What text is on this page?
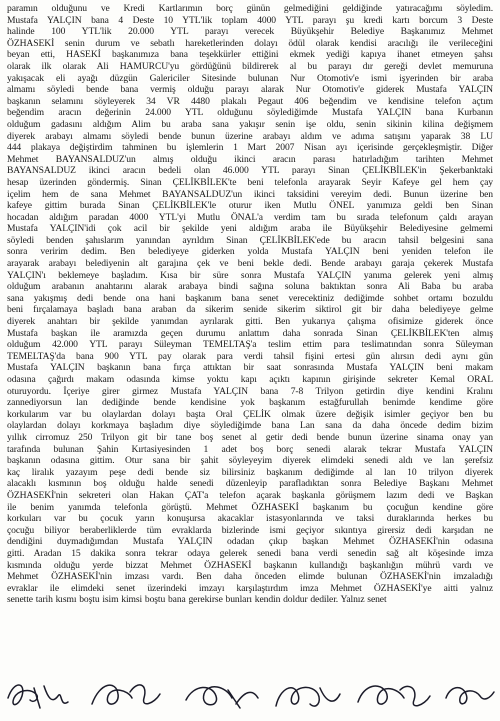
paramın olduğunu ve Kredi Kartlarımın borç günün gelmediğini geldiğinde yatıracağımı söyledim.
Mustafa YALÇIN bana 4 Deste 10 YTL'lik toplam 4000 YTL parayı şu kredi kartı borcum 3 Deste
halinde 100 YTL'lik 20.000 YTL parayı verecek Büyükşehir Belediye Başkanımız Mehmet
ÖZHASEKİ senin durum ve sebatlı hareketlerinden dolayı ödül olarak kendisi aracılığı ile verileceğini
beyan etti, HASEKİ başkanımıza bana teşekkürler ettiğini ekmek yediği kapıya ihanet etmeyen şahsı
olarak ilk olarak Ali HAMURCU'yu gördüğünü bildirerek al bu parayı dır gereği devlet memuruna
yakışacak eli ayağı düzgün Galericiler Sitesinde bulunan Nur Otomotiv'e ismi işyerinden bir araba
almamı söyledi bende bana vermiş olduğu parayı alarak Nur Otomotiv'e giderek Mustafa YALÇIN
başkanın selamını söyleyerek 34 VR 4480 plakalı Pegaut 406 beğendim ve kendisine telefon açtım
beğendim aracın değerinin 24.000 YTL olduğunu söylediğimde Mustafa YALÇIN bana Kurbanın
olduğum gadasını aldığım Alim bu araba sana yakışır senin işe oldu, senin sikinin kilina değişmem
diyerek arabayı almamı söyledi bende bunun üzerine arabayı aldım ve adıma satışını yaparak 38 LU
444 plakaya değiştirdim tahminen bu işlemlerin 1 Mart 2007 Nisan ayı içerisinde gerçekleşmiştir. Diğer
Mehmet BAYANSALDUZ'un almış olduğu ikinci aracın parası hatırladığım tarihten Mehmet
BAYANSALDUZ ikinci aracın bedeli olan 46.000 YTL parayı Sinan ÇELİKBİLEK'in Şekerbanktaki
hesap üzerinden göndermiş. Sinan ÇELİKBİLEK'te beni telefonla arayarak Seyir Kafeye gel hem çay
içelim hem de sana Mehmet BAYANSALDUZ'un ikinci taksidini vereyim dedi. Bunun üzerine ben
kafeye gittim burada Sinan ÇELİKBİLEK'le oturur iken Mutlu ÖNEL yanımıza geldi ben Sinan
hocadan aldığım paradan 4000 YTL'yi Mutlu ÖNAL'a verdim tam bu sırada telefonum çaldı arayan
Mustafa YALÇIN'idi çok acil bir şekilde yeni aldığım araba ile Büyükşehir Belediyesine gelmemi
söyledi benden şahıslarım yanından ayrıldım Sinan ÇELİKBİLEK'ede bu aracın tahsil belgesini sana
sonra veririm dedim. Ben belediyeye giderken yolda Mustafa YALÇIN beni yeniden telefon ile
arayarak arabayı belediyenin alt garajına çek ve beni bekle dedi. Bende arabayı garaja çekerek Mustafa
YALÇIN'ı beklemeye başladım. Kısa bir süre sonra Mustafa YALÇIN yanıma gelerek yeni almış
olduğum arabanın anahtarını alarak arabaya bindi sağına soluna baktıktan sonra Ali Baba bu araba
sana yakışmış dedi bende ona hani başkanım bana senet verecektiniz dediğimde sohbet ortamı bozuldu
beni fırçalamaya başladı bana araban da sikerim senide sikerim siktirol git bir daha belediyeye gelme
diyerek anahtarı bir şekilde yanımdan ayrılarak gitti. Ben yukarıya çalışma ofisimize giderek önce
Mustafa başkan ile aramızda geçen durumu anlattım daha sonrada Sinan ÇELİKBİLEK'ten almış
olduğum 42.000 YTL parayı Süleyman TEMELTAŞ'a teslim ettim para teslimatından sonra Süleyman
TEMELTAŞ'da bana 900 YTL pay olarak para verdi tahsil fişini ertesi gün alırsın dedi aynı gün
Mustafa YALÇIN başkanın bana fırça attıktan bir saat sonrasında Mustafa YALÇIN beni makam
odasına çağırdı makam odasında kimse yoktu kapı açıktı kapının girişinde sekreter Kemal ORAL
oturuyordu. İçeriye girer girmez Mustafa YALÇIN bana 7-8 Trilyon getirdin diye kendini Kralını
zannediyorsun lan dediğinde bende kendisine yok başkanım estağfurullah benimde kendime göre
korkularım var bu olaylardan dolayı başta Oral ÇELİK olmak üzere değişik isimler geçiyor ben bu
olaylardan dolayı korkmaya başladım diye söylediğimde bana Lan sana da daha öncede dedim bizim
yıllık cirromuz 250 Trilyon git bir tane boş senet al getir dedi bende bunun üzerine sinama onay yan
tarafında bulunan Şahin Kırtasiyesinden 1 adet boş borç senedi alarak tekrar Mustafa YALÇIN
başkanın odasına gittim. Otur sana bir şahit söyleyeyim diyerek elimdeki senedi aldı ve lan şerefsiz
kaç liralık yazayım peşe dedi bende siz bilirsiniz başkanım dediğimde al lan 10 trilyon diyerek
alacaklı kısmının boş olduğu halde senedi düzenleyip parafladıktan sonra Belediye Başkanı Mehmet
ÖZHASEKİ'nin sekreteri olan Hakan ÇAT'a telefon açarak başkanla görüşmem lazım dedi ve Başkan
ile benim yanımda telefonla görüştü. Mehmet ÖZHASEKİ başkanım bu çocuğun kendine göre
korkuları var bu çocuk yarın konuşursa akacaklar istasyonlarında ve taksi duraklarında herkes bu
çocuğu biliyor beraberliklerde tüm evraklarda bizlerinde ismi geçiyor sıkıntıya girersiz dedi karşıdan ne
dendiğini duymadığımdan Mustafa YALÇIN odadan çıkıp başkan Mehmet ÖZHASEKİ'nin odasına
gitti. Aradan 15 dakika sonra tekrar odaya gelerek senedi bana verdi senedin sağ alt köşesinde imza
kısmında olduğu yerde bizzat Mehmet ÖZHASEKİ başkanın kullandığı başkanlığın mührü vardı ve
Mehmet ÖZHASEKİ'nin imzası vardı. Ben daha önceden elimde bulunan ÖZHASEKİ'nin imzaladığı
evraklar ile elimdeki senet üzerindeki imzayı karşılaştırdım imza Mehmet ÖZHASEKİ'ye aitti yalnız
senette tarih kısmı boştu isim kimsi boştu bana gerekirse bunları kendin doldur dediler. Yalnız senet
